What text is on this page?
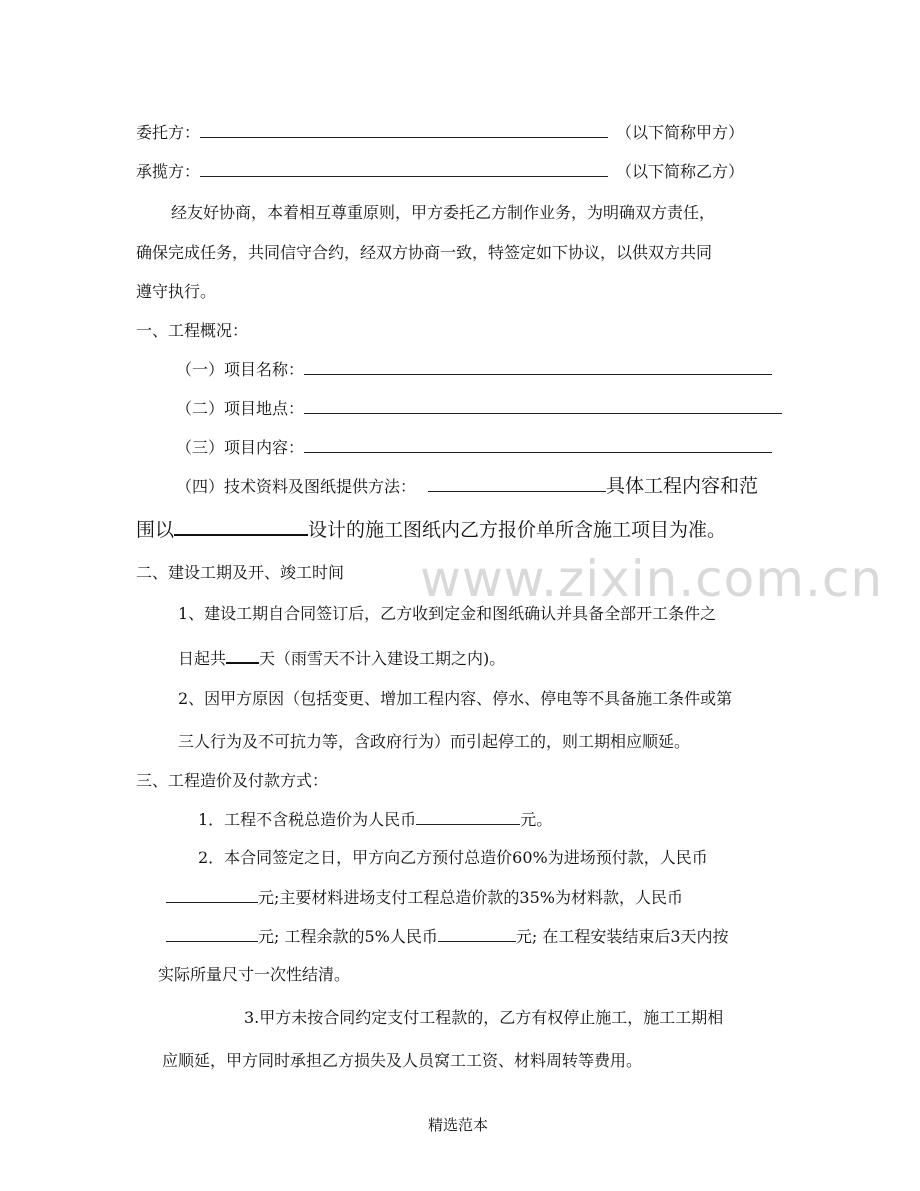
www.zixin.com.cn
委托方：	（以下简称甲方）
承揽方：	（以下简称乙方）
经友好协商，本着相互尊重原则，甲方委托乙方制作业务，为明确双方责任，
确保完成任务，共同信守合约，经双方协商一致，特签定如下协议，以供双方共同
遵守执行。
一、工程概况：
（一）项目名称：
（二）项目地点：
（三）项目内容：
（四）技术资料及图纸提供方法：	具体工程内容和范
围以	设计的施工图纸内乙方报价单所含施工项目为准。
二、建设工期及开、竣工时间
1、建设工期自合同签订后，乙方收到定金和图纸确认并具备全部开工条件之
日起共 天（雨雪天不计入建设工期之内)。
2、因甲方原因（包括变更、增加工程内容、停水、停电等不具备施工条件或第
三人行为及不可抗力等，含政府行为）而引起停工的，则工期相应顺延。
三、工程造价及付款方式：
1．工程不含税总造价为人民币	元。
2．本合同签定之日，甲方向乙方预付总造价60%为进场预付款，人民币
元;主要材料进场支付工程总造价款的35%为材料款，人民币
元; 工程余款的5%人民币	元; 在工程安装结束后3天内按
实际所量尺寸一次性结清。
3.甲方未按合同约定支付工程款的，乙方有权停止施工，施工工期相
应顺延，甲方同时承担乙方损失及人员窝工工资、材料周转等费用。
精选范本
